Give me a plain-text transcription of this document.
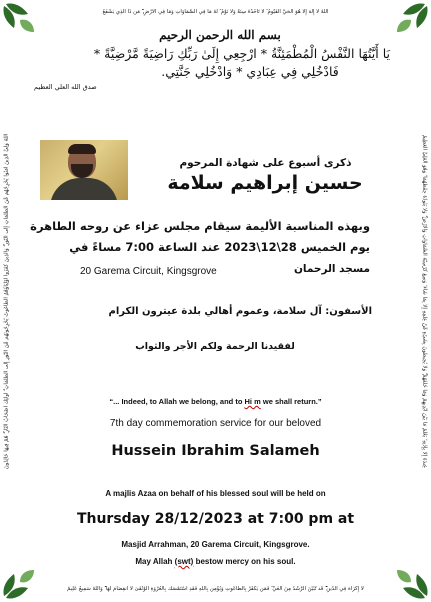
اللَّهُ لَا إِلَٰهَ إِلَّا هُوَ الْحَيُّ الْقَيُّومُ ۚ لَا تَأْخُذُهُ سِنَةٌ وَلَا نَوْمٌ ۚ لَّهُ مَا فِي السَّمَاوَاتِ وَمَا فِي الْأَرْضِ ۗ مَن ذَا الَّذِي يَشْفَعُ
عِندَهُ إِلَّا بِإِذْنِهِ ۚ يَعْلَمُ مَا بَيْنَ أَيْدِيهِمْ وَمَا خَلْفَهُمْ ۖ وَلَا يُحِيطُونَ بِشَيْءٍ مِّنْ عِلْمِهِ إِلَّا بِمَا شَاءَ ۚ وَسِعَ كُرْسِيُّهُ السَّمَاوَاتِ وَالْأَرْضَ ۖ وَلَا يَئُودُهُ حِفْظُهُمَا ۚ وَهُوَ الْعَلِيُّ الْعَظِيمُ
لَا إِكْرَاهَ فِي الدِّينِ ۖ قَد تَّبَيَّنَ الرُّشْدُ مِنَ الْغَيِّ ۚ فَمَن يَكْفُرْ بِالطَّاغُوتِ وَيُؤْمِن بِاللَّهِ فَقَدِ اسْتَمْسَكَ بِالْعُرْوَةِ الْوُثْقَىٰ لَا انفِصَامَ لَهَا ۗ وَاللَّهُ سَمِيعٌ عَلِيمٌ
اللَّهُ وَلِيُّ الَّذِينَ آمَنُوا يُخْرِجُهُم مِّنَ الظُّلُمَاتِ إِلَى النُّورِ ۖ وَالَّذِينَ كَفَرُوا أَوْلِيَاؤُهُمُ الطَّاغُوتُ يُخْرِجُونَهُم مِّنَ النُّورِ إِلَى الظُّلُمَاتِ ۗ أُولَٰئِكَ أَصْحَابُ النَّارِ ۖ هُمْ فِيهَا خَالِدُونَ
بسم الله الرحمن الرحيم
يَا أَيَّتُهَا النَّفْسُ الْمُطْمَئِنَّةُ * ارْجِعِي إِلَىٰ رَبِّكِ رَاضِيَةً مَّرْضِيَّةً *
فَادْخُلِي فِي عِبَادِي * وَادْخُلِي جَنَّتِي.
صدق الله العلي العظيم
ذكرى أسبوع على شهادة المرحوم
حسين إبراهيم سلامة
وبهذه المناسبة الأليمة سيقام مجلس عزاء عن روحه الطاهرة
يوم الخميس 28\12\2023 عند الساعة 7:00 مساءً في
مسجد الرحمان
20 Garema Circuit, Kingsgrove
الأسفون: آل سلامة، وعموم أهالي بلدة عيترون الكرام
لفقيدنا الرحمة ولكم الأجر والثواب
“... Indeed, to Allah we belong, and to Hi m we shall return.”
7th day commemoration service for our beloved
Hussein Ibrahim Salameh
A majlis Azaa on behalf of his blessed soul will be held on
Thursday 28/12/2023 at 7:00 pm at
Masjid Arrahman, 20 Garema Circuit, Kingsgrove.
May Allah (swt) bestow mercy on his soul.
